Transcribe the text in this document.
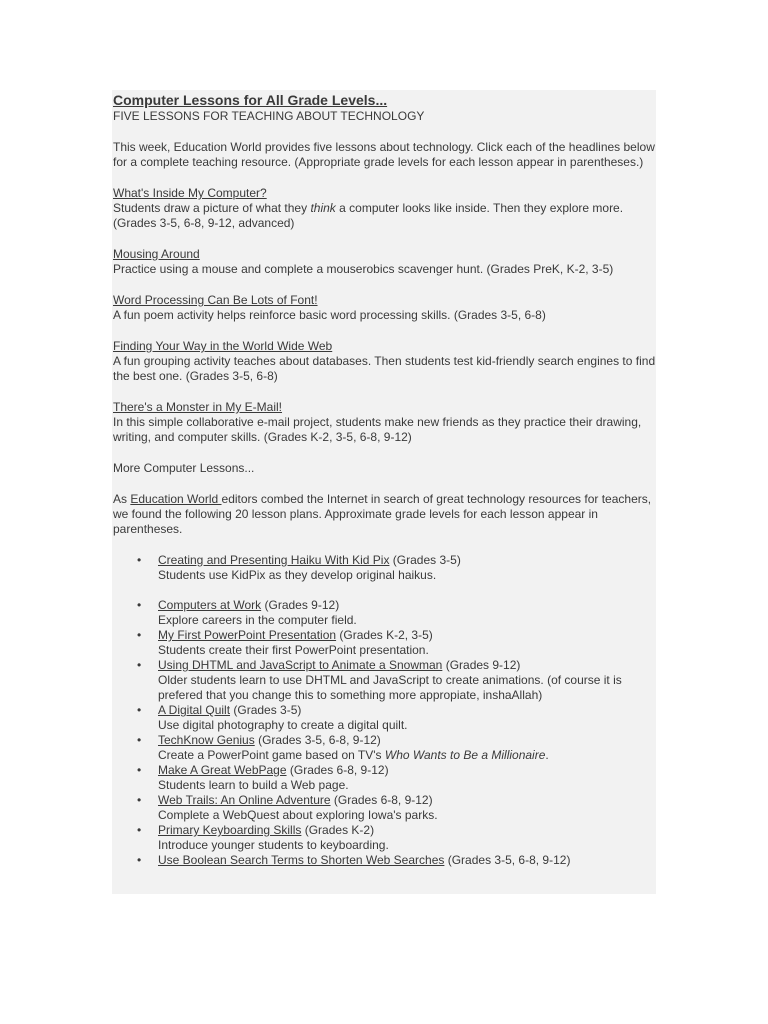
Computer Lessons for All Grade Levels...

FIVE LESSONS FOR TEACHING ABOUT TECHNOLOGY

This week, Education World provides five lessons about technology. Click each of the headlines below for a complete teaching resource. (Appropriate grade levels for each lesson appear in parentheses.)

What's Inside My Computer?
Students draw a picture of what they think a computer looks like inside. Then they explore more. (Grades 3-5, 6-8, 9-12, advanced)
Mousing Around
Practice using a mouse and complete a mouserobics scavenger hunt. (Grades PreK, K-2, 3-5)
Word Processing Can Be Lots of Font!
A fun poem activity helps reinforce basic word processing skills. (Grades 3-5, 6-8)
Finding Your Way in the World Wide Web
A fun grouping activity teaches about databases. Then students test kid-friendly search engines to find the best one. (Grades 3-5, 6-8)
There's a Monster in My E-Mail!
In this simple collaborative e-mail project, students make new friends as they practice their drawing, writing, and computer skills. (Grades K-2, 3-5, 6-8, 9-12)

More Computer Lessons...

As Education World editors combed the Internet in search of great technology resources for teachers, we found the following 20 lesson plans. Approximate grade levels for each lesson appear in parentheses.

• Creating and Presenting Haiku With Kid Pix (Grades 3-5)
Students use KidPix as they develop original haikus.
• Computers at Work (Grades 9-12)
Explore careers in the computer field.
• My First PowerPoint Presentation (Grades K-2, 3-5)
Students create their first PowerPoint presentation.
• Using DHTML and JavaScript to Animate a Snowman (Grades 9-12)
Older students learn to use DHTML and JavaScript to create animations. (of course it is prefered that you change this to something more appropiate, inshaAllah)
• A Digital Quilt (Grades 3-5)
Use digital photography to create a digital quilt.
• TechKnow Genius (Grades 3-5, 6-8, 9-12)
Create a PowerPoint game based on TV's Who Wants to Be a Millionaire.
• Make A Great WebPage (Grades 6-8, 9-12)
Students learn to build a Web page.
• Web Trails: An Online Adventure (Grades 6-8, 9-12)
Complete a WebQuest about exploring Iowa's parks.
• Primary Keyboarding Skills (Grades K-2)
Introduce younger students to keyboarding.
• Use Boolean Search Terms to Shorten Web Searches (Grades 3-5, 6-8, 9-12)
